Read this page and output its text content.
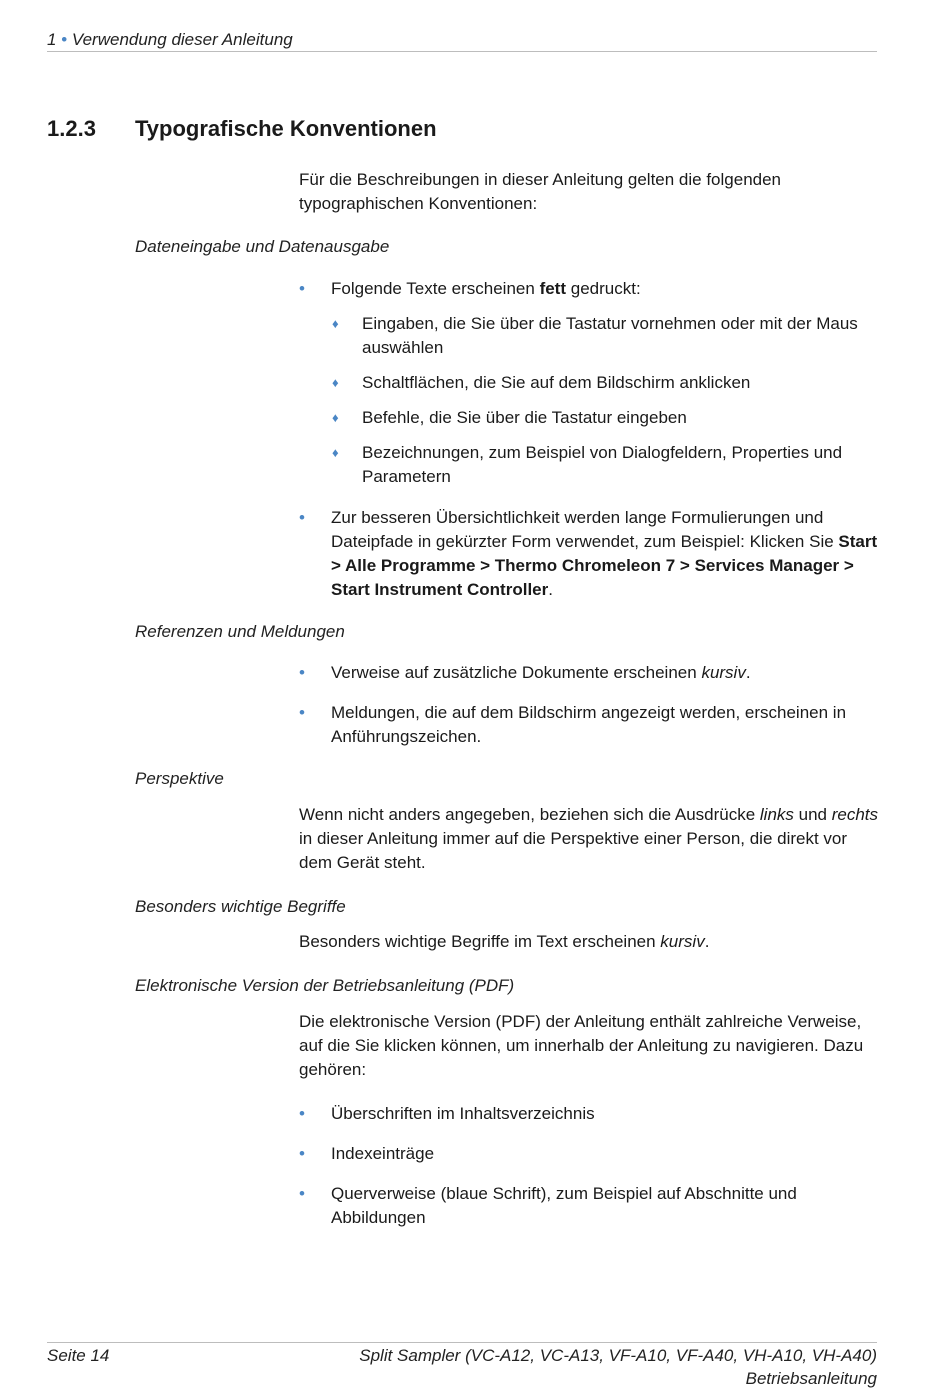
1 • Verwendung dieser Anleitung
1.2.3 Typografische Konventionen
Für die Beschreibungen in dieser Anleitung gelten die folgenden typographischen Konventionen:
Dateneingabe und Datenausgabe
•	Folgende Texte erscheinen fett gedruckt:
♦	Eingaben, die Sie über die Tastatur vornehmen oder mit der Maus auswählen
♦	Schaltflächen, die Sie auf dem Bildschirm anklicken
♦	Befehle, die Sie über die Tastatur eingeben
♦	Bezeichnungen, zum Beispiel von Dialogfeldern, Properties und Parametern
•	Zur besseren Übersichtlichkeit werden lange Formulierungen und Dateipfade in gekürzter Form verwendet, zum Beispiel: Klicken Sie Start > Alle Programme > Thermo Chromeleon 7 > Services Manager > Start Instrument Controller.
Referenzen und Meldungen
•	Verweise auf zusätzliche Dokumente erscheinen kursiv.
•	Meldungen, die auf dem Bildschirm angezeigt werden, erscheinen in Anführungszeichen.
Perspektive
Wenn nicht anders angegeben, beziehen sich die Ausdrücke links und rechts in dieser Anleitung immer auf die Perspektive einer Person, die direkt vor dem Gerät steht.
Besonders wichtige Begriffe
Besonders wichtige Begriffe im Text erscheinen kursiv.
Elektronische Version der Betriebsanleitung (PDF)
Die elektronische Version (PDF) der Anleitung enthält zahlreiche Verweise, auf die Sie klicken können, um innerhalb der Anleitung zu navigieren. Dazu gehören:
•	Überschriften im Inhaltsverzeichnis
•	Indexeinträge
•	Querverweise (blaue Schrift), zum Beispiel auf Abschnitte und Abbildungen
Seite 14	Split Sampler (VC-A12, VC-A13, VF-A10, VF-A40, VH-A10, VH-A40)
Betriebsanleitung
